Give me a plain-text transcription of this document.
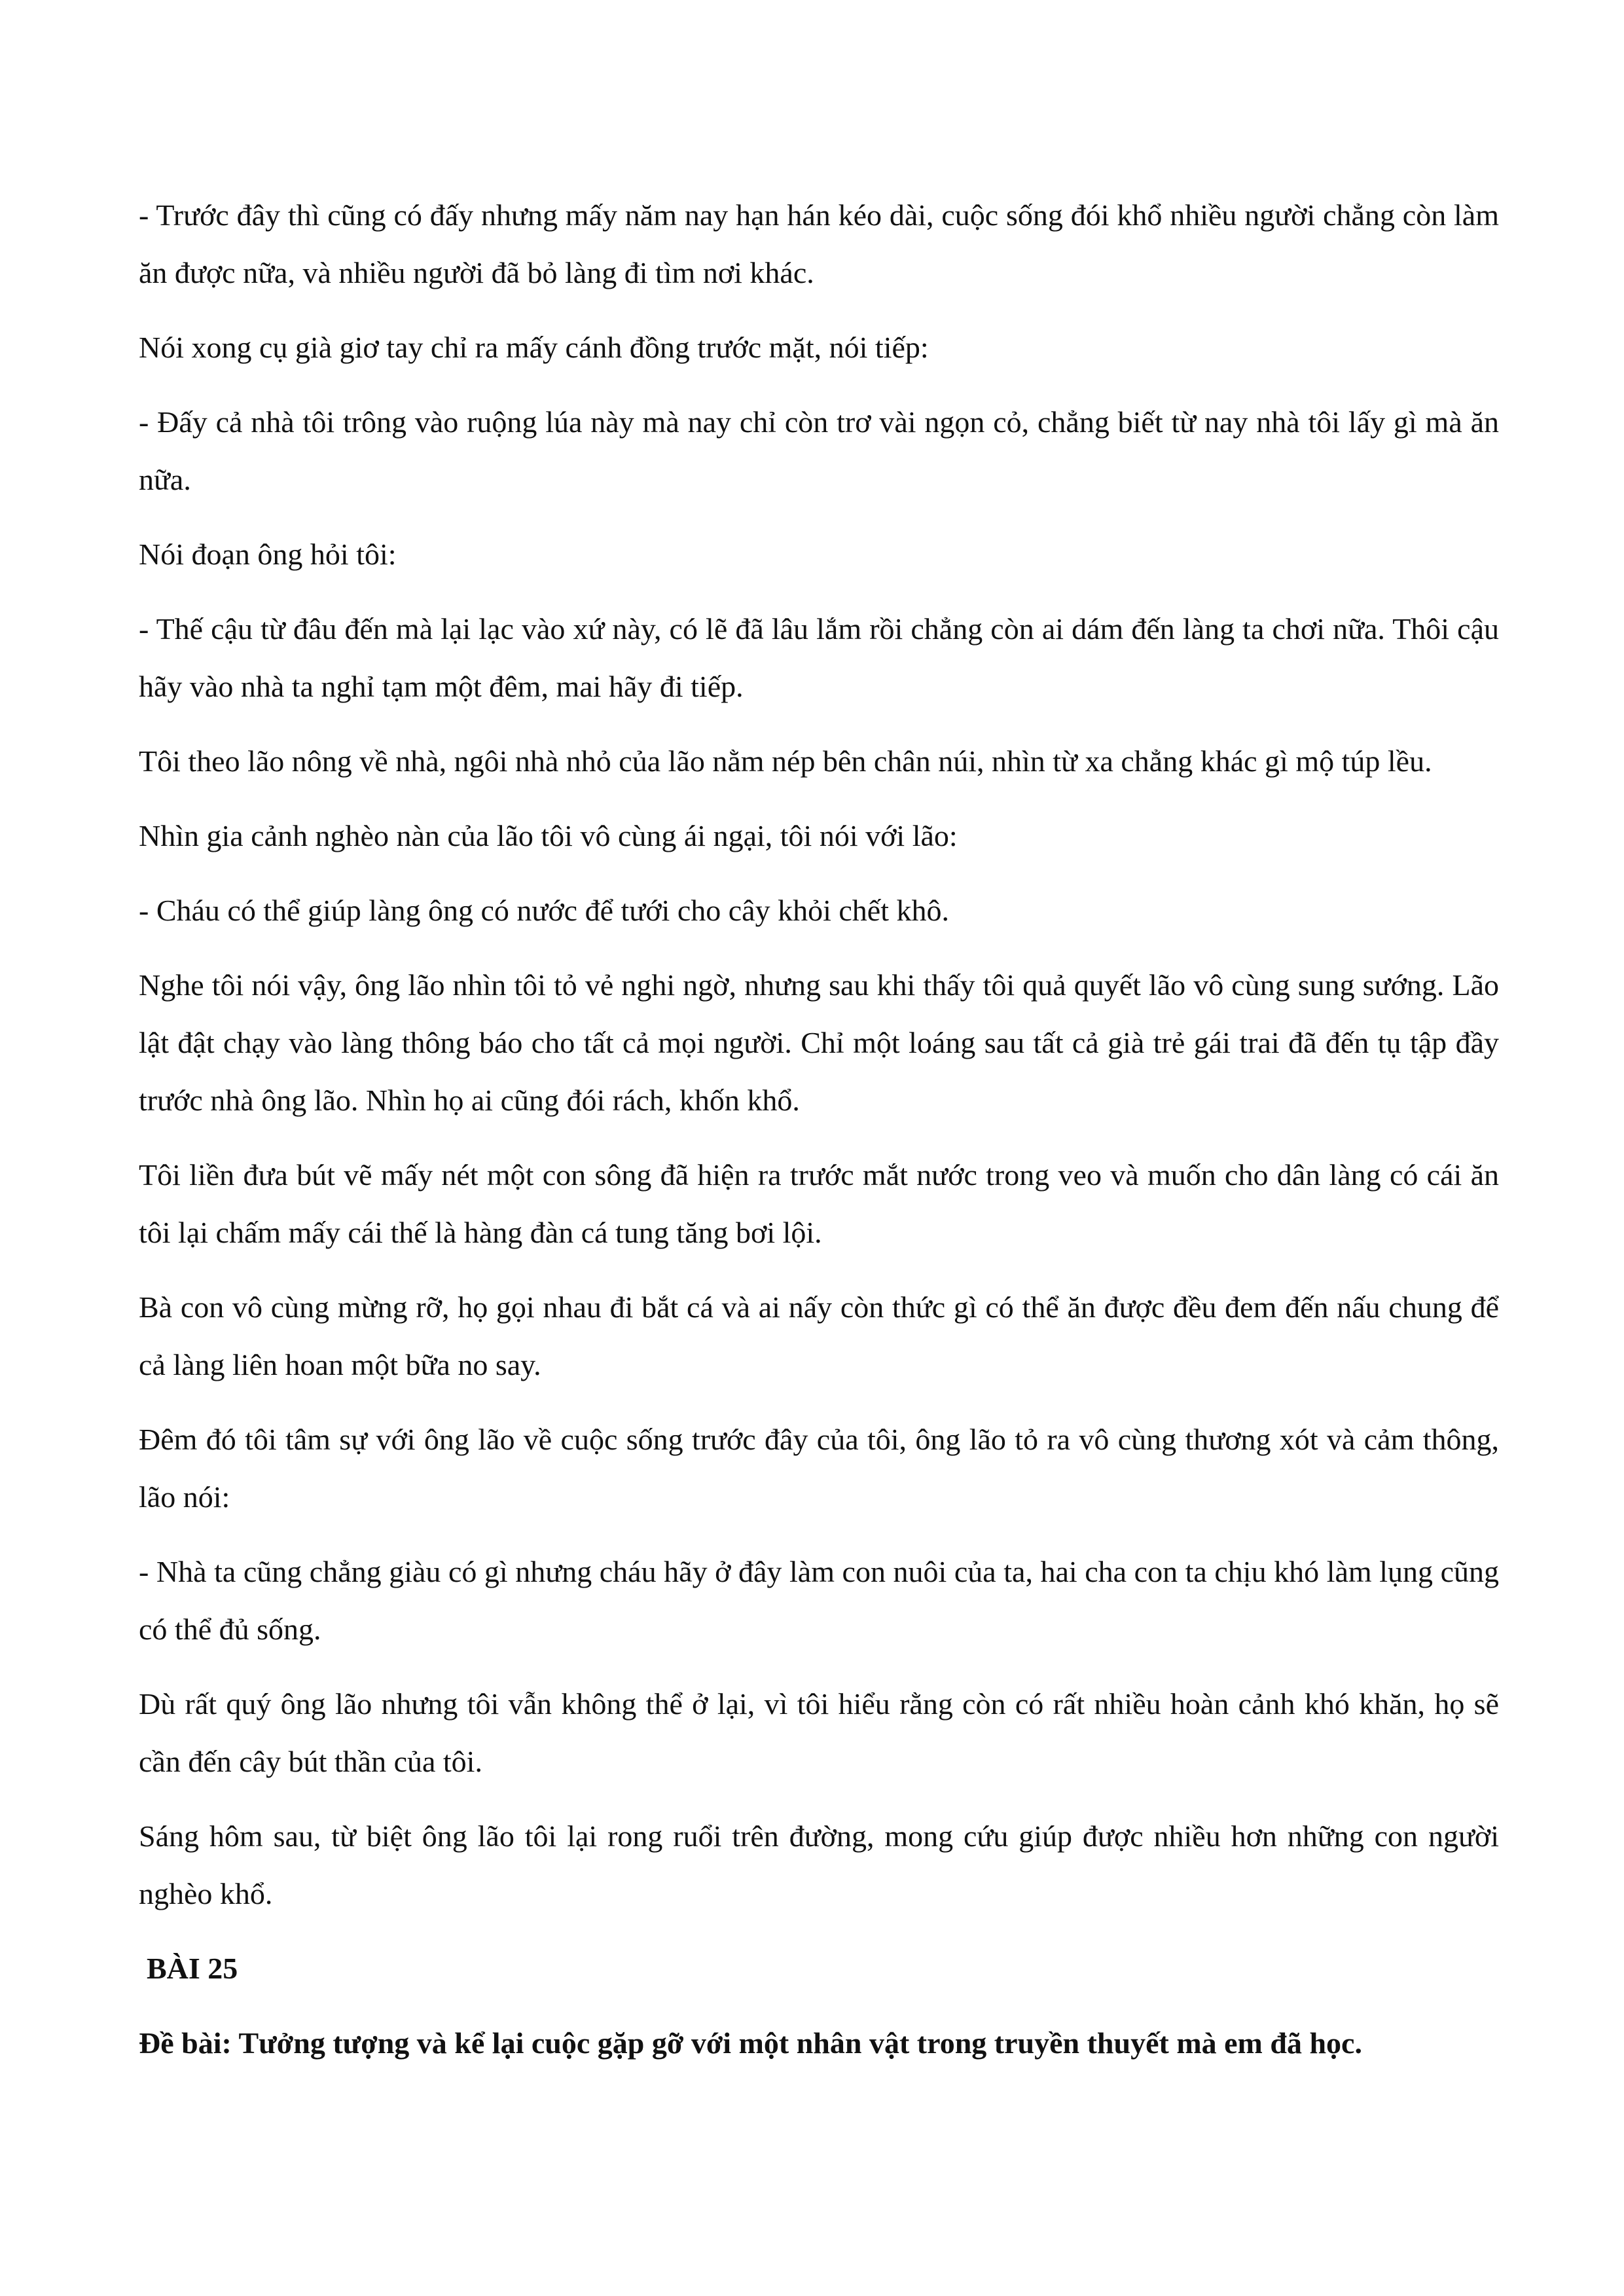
- Trước đây thì cũng có đấy nhưng mấy năm nay hạn hán kéo dài, cuộc sống đói khổ nhiều người chẳng còn làm ăn được nữa, và nhiều người đã bỏ làng đi tìm nơi khác.

Nói xong cụ già giơ tay chỉ ra mấy cánh đồng trước mặt, nói tiếp:

- Đấy cả nhà tôi trông vào ruộng lúa này mà nay chỉ còn trơ vài ngọn cỏ, chẳng biết từ nay nhà tôi lấy gì mà ăn nữa.

Nói đoạn ông hỏi tôi:

- Thế cậu từ đâu đến mà lại lạc vào xứ này, có lẽ đã lâu lắm rồi chẳng còn ai dám đến làng ta chơi nữa. Thôi cậu hãy vào nhà ta nghỉ tạm một đêm, mai hãy đi tiếp.

Tôi theo lão nông về nhà, ngôi nhà nhỏ của lão nằm nép bên chân núi, nhìn từ xa chẳng khác gì mộ túp lều.

Nhìn gia cảnh nghèo nàn của lão tôi vô cùng ái ngại, tôi nói với lão:

- Cháu có thể giúp làng ông có nước để tưới cho cây khỏi chết khô.

Nghe tôi nói vậy, ông lão nhìn tôi tỏ vẻ nghi ngờ, nhưng sau khi thấy tôi quả quyết lão vô cùng sung sướng. Lão lật đật chạy vào làng thông báo cho tất cả mọi người. Chỉ một loáng sau tất cả già trẻ gái trai đã đến tụ tập đầy trước nhà ông lão. Nhìn họ ai cũng đói rách, khốn khổ.

Tôi liền đưa bút vẽ mấy nét một con sông đã hiện ra trước mắt nước trong veo và muốn cho dân làng có cái ăn tôi lại chấm mấy cái thế là hàng đàn cá tung tăng bơi lội.

Bà con vô cùng mừng rỡ, họ gọi nhau đi bắt cá và ai nấy còn thức gì có thể ăn được đều đem đến nấu chung để cả làng liên hoan một bữa no say.

Đêm đó tôi tâm sự với ông lão về cuộc sống trước đây của tôi, ông lão tỏ ra vô cùng thương xót và cảm thông, lão nói:

- Nhà ta cũng chẳng giàu có gì nhưng cháu hãy ở đây làm con nuôi của ta, hai cha con ta chịu khó làm lụng cũng có thể đủ sống.

Dù rất quý ông lão nhưng tôi vẫn không thể ở lại, vì tôi hiểu rằng còn có rất nhiều hoàn cảnh khó khăn, họ sẽ cần đến cây bút thần của tôi.

Sáng hôm sau, từ biệt ông lão tôi lại rong ruổi trên đường, mong cứu giúp được nhiều hơn những con người nghèo khổ.

BÀI 25

Đề bài: Tưởng tượng và kể lại cuộc gặp gỡ với một nhân vật trong truyền thuyết mà em đã học.
